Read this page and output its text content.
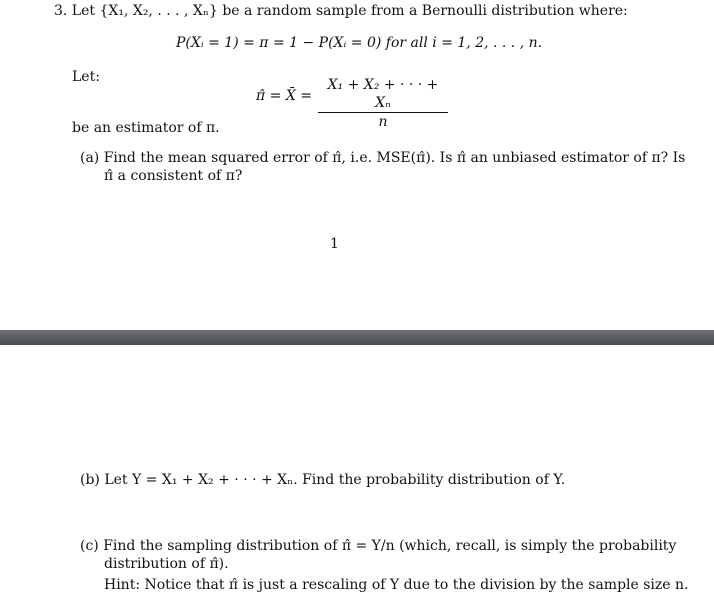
3. Let {X₁, X₂, . . . , Xₙ} be a random sample from a Bernoulli distribution where:
P(Xᵢ = 1) = π = 1 − P(Xᵢ = 0) for all i = 1, 2, . . . , n.
Let:
π̂ = X̄ = $\frac{\text{X₁ + X₂ + · · · + Xₙ}}{n}$
be an estimator of π.
(a) Find the mean squared error of π̂, i.e. MSE(π̂). Is π̂ an unbiased estimator of π? Is
π̂ a consistent of π?
1
(b) Let Y = X₁ + X₂ + · · · + Xₙ. Find the probability distribution of Y.
(c) Find the sampling distribution of π̂ = Y/n (which, recall, is simply the probability
distribution of π̂).
Hint: Notice that π̂ is just a rescaling of Y due to the division by the sample size n.
